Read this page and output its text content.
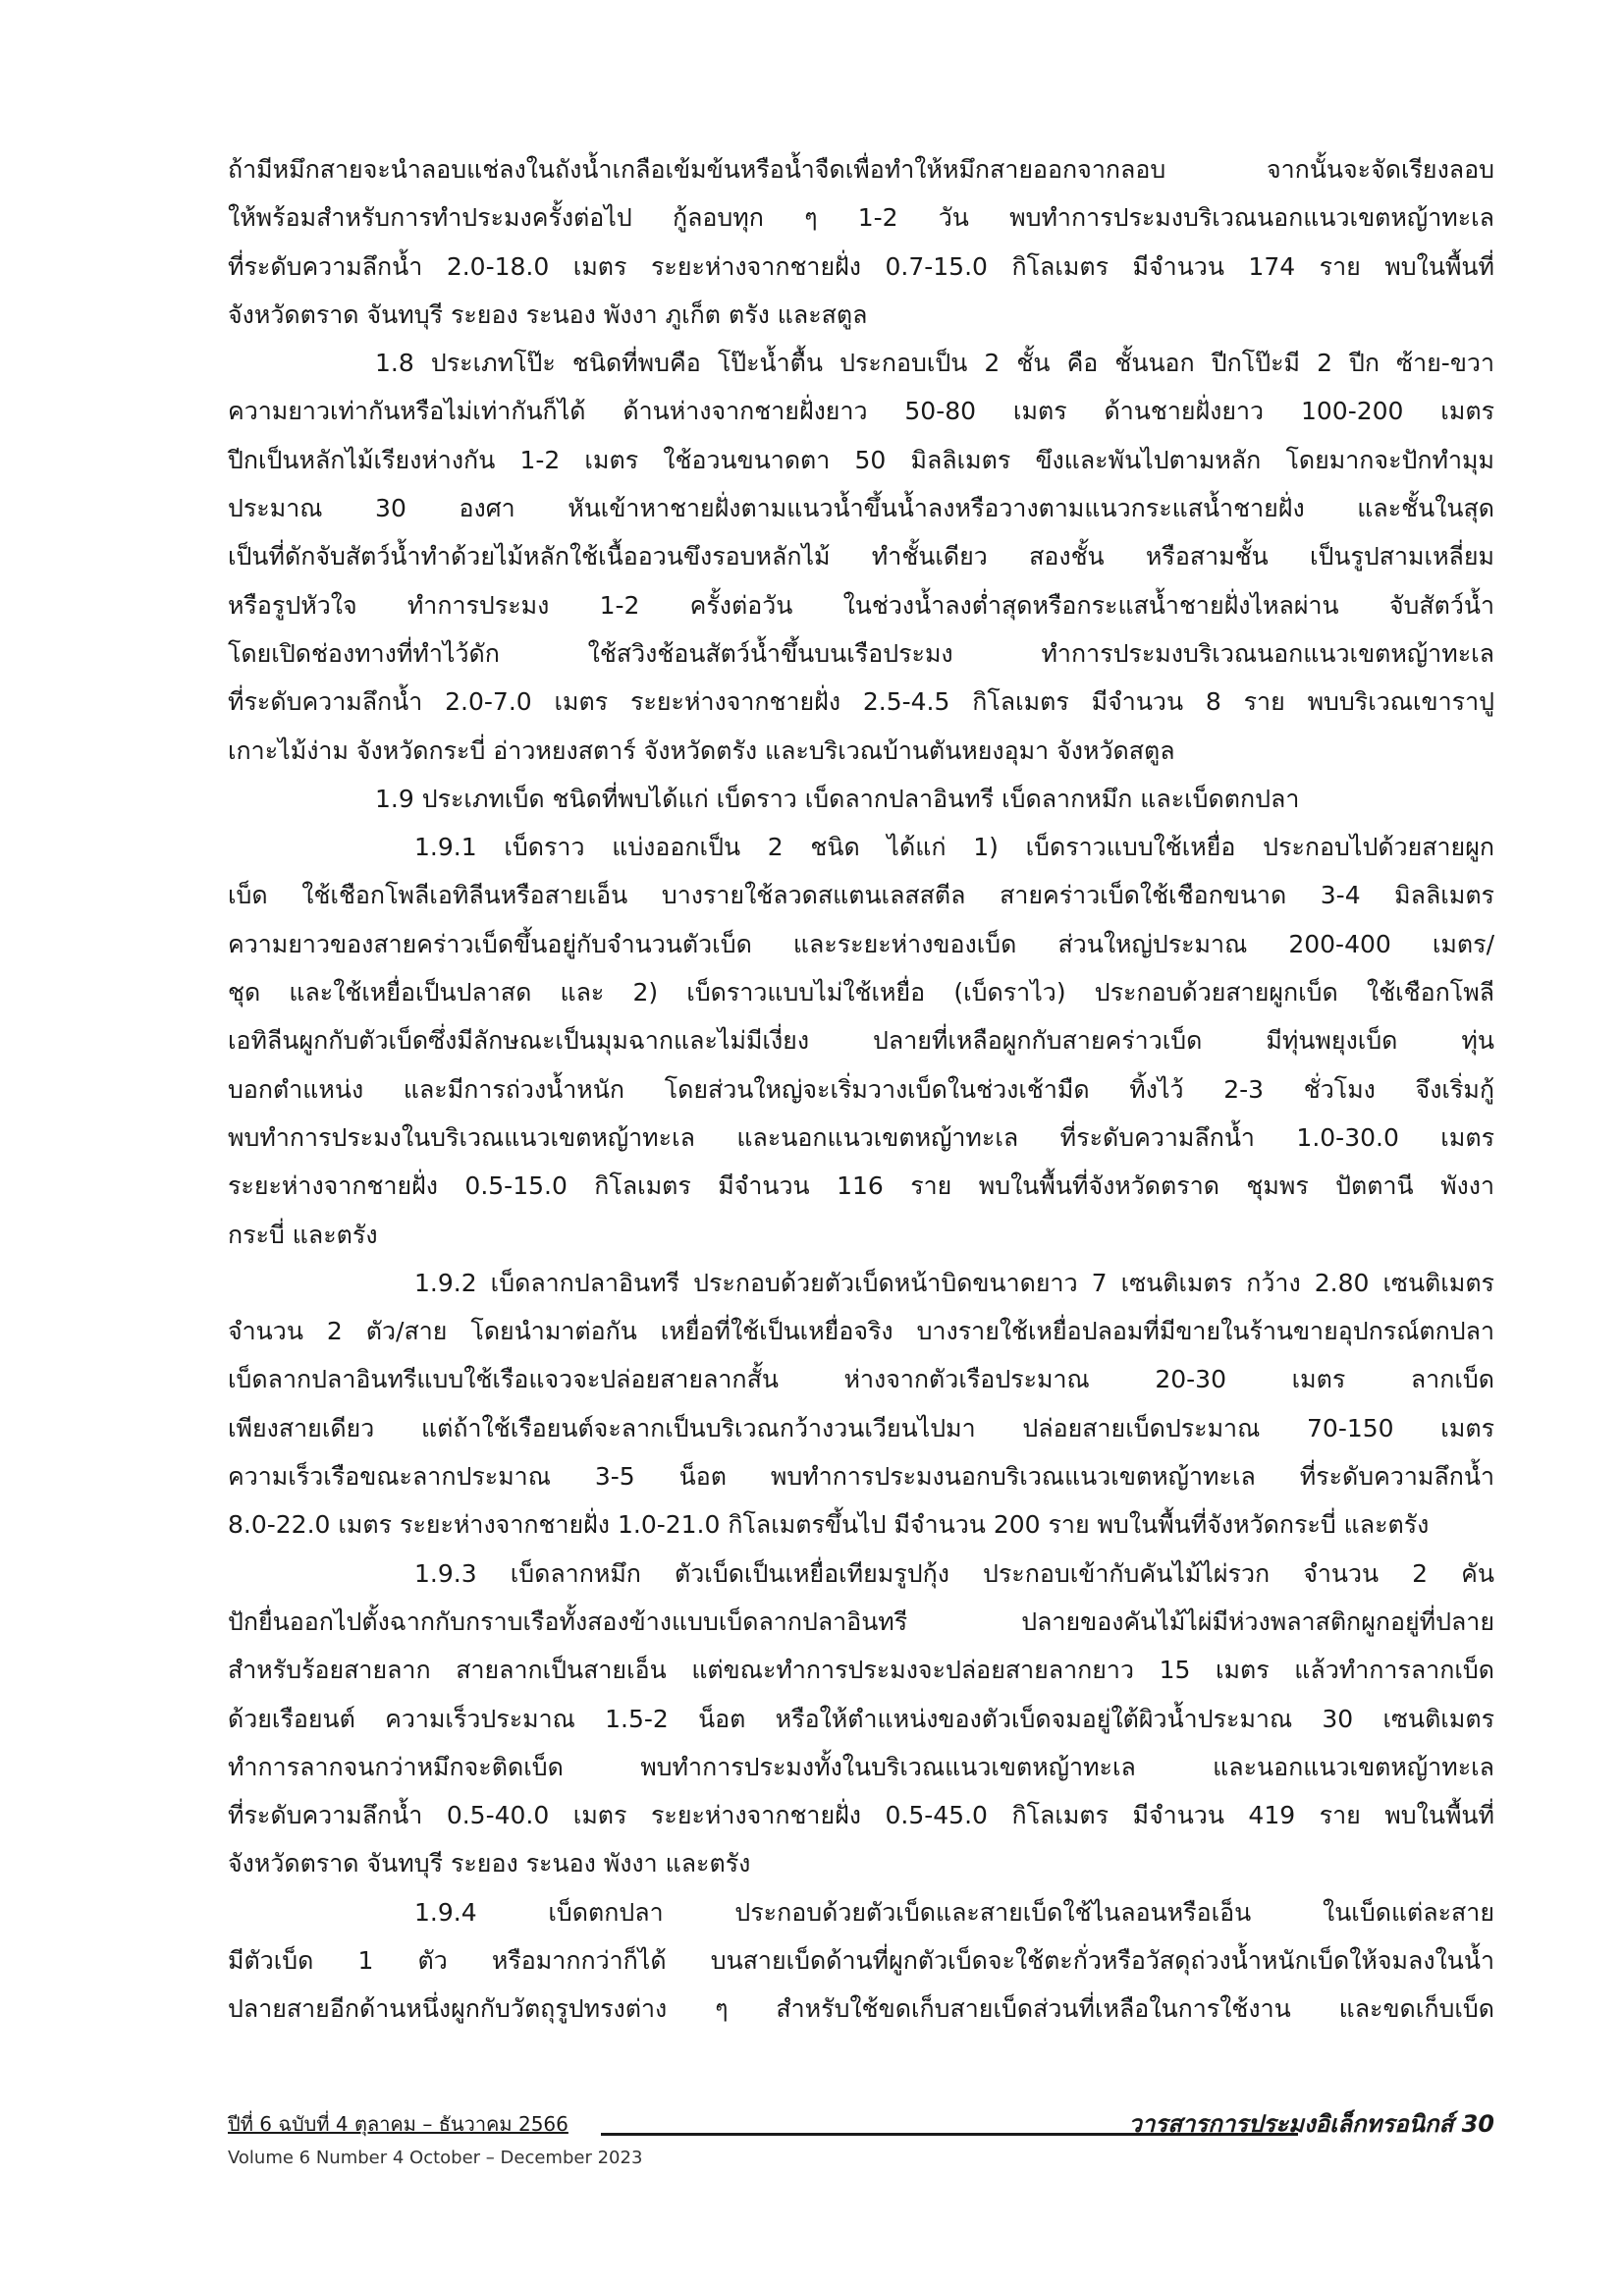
ถ้ามีหมึกสายจะนำลอบแช่ลงในถังน้ำเกลือเข้มข้นหรือน้ำจืดเพื่อทำให้หมึกสายออกจากลอบ จากนั้นจะจัดเรียงลอบ
ให้พร้อมสำหรับการทำประมงครั้งต่อไป กู้ลอบทุก ๆ 1-2 วัน พบทำการประมงบริเวณนอกแนวเขตหญ้าทะเล
ที่ระดับความลึกน้ำ 2.0-18.0 เมตร ระยะห่างจากชายฝั่ง 0.7-15.0 กิโลเมตร มีจำนวน 174 ราย พบในพื้นที่
จังหวัดตราด จันทบุรี ระยอง ระนอง พังงา ภูเก็ต ตรัง และสตูล
1.8 ประเภทโป๊ะ ชนิดที่พบคือ โป๊ะน้ำตื้น ประกอบเป็น 2 ชั้น คือ ชั้นนอก ปีกโป๊ะมี 2 ปีก ซ้าย-ขวา
ความยาวเท่ากันหรือไม่เท่ากันก็ได้ ด้านห่างจากชายฝั่งยาว 50-80 เมตร ด้านชายฝั่งยาว 100-200 เมตร
ปีกเป็นหลักไม้เรียงห่างกัน 1-2 เมตร ใช้อวนขนาดตา 50 มิลลิเมตร ขึงและพันไปตามหลัก โดยมากจะปักทำมุม
ประมาณ 30 องศา หันเข้าหาชายฝั่งตามแนวน้ำขึ้นน้ำลงหรือวางตามแนวกระแสน้ำชายฝั่ง และชั้นในสุด
เป็นที่ดักจับสัตว์น้ำทำด้วยไม้หลักใช้เนื้ออวนขึงรอบหลักไม้ ทำชั้นเดียว สองชั้น หรือสามชั้น เป็นรูปสามเหลี่ยม
หรือรูปหัวใจ ทำการประมง 1-2 ครั้งต่อวัน ในช่วงน้ำลงต่ำสุดหรือกระแสน้ำชายฝั่งไหลผ่าน จับสัตว์น้ำ
โดยเปิดช่องทางที่ทำไว้ดัก ใช้สวิงช้อนสัตว์น้ำขึ้นบนเรือประมง ทำการประมงบริเวณนอกแนวเขตหญ้าทะเล
ที่ระดับความลึกน้ำ 2.0-7.0 เมตร ระยะห่างจากชายฝั่ง 2.5-4.5 กิโลเมตร มีจำนวน 8 ราย พบบริเวณเขาราปู
เกาะไม้ง่าม จังหวัดกระบี่ อ่าวหยงสตาร์ จังหวัดตรัง และบริเวณบ้านตันหยงอุมา จังหวัดสตูล
1.9 ประเภทเบ็ด ชนิดที่พบได้แก่ เบ็ดราว เบ็ดลากปลาอินทรี เบ็ดลากหมึก และเบ็ดตกปลา
1.9.1 เบ็ดราว แบ่งออกเป็น 2 ชนิด ได้แก่ 1) เบ็ดราวแบบใช้เหยื่อ ประกอบไปด้วยสายผูก
เบ็ด ใช้เชือกโพลีเอทิลีนหรือสายเอ็น บางรายใช้ลวดสแตนเลสสตีล สายคร่าวเบ็ดใช้เชือกขนาด 3-4 มิลลิเมตร
ความยาวของสายคร่าวเบ็ดขึ้นอยู่กับจำนวนตัวเบ็ด และระยะห่างของเบ็ด ส่วนใหญ่ประมาณ 200-400 เมตร/
ชุด และใช้เหยื่อเป็นปลาสด และ 2) เบ็ดราวแบบไม่ใช้เหยื่อ (เบ็ดราไว) ประกอบด้วยสายผูกเบ็ด ใช้เชือกโพลี
เอทิลีนผูกกับตัวเบ็ดซึ่งมีลักษณะเป็นมุมฉากและไม่มีเงี่ยง ปลายที่เหลือผูกกับสายคร่าวเบ็ด มีทุ่นพยุงเบ็ด ทุ่น
บอกตำแหน่ง และมีการถ่วงน้ำหนัก โดยส่วนใหญ่จะเริ่มวางเบ็ดในช่วงเช้ามืด ทิ้งไว้ 2-3 ชั่วโมง จึงเริ่มกู้
พบทำการประมงในบริเวณแนวเขตหญ้าทะเล และนอกแนวเขตหญ้าทะเล ที่ระดับความลึกน้ำ 1.0-30.0 เมตร
ระยะห่างจากชายฝั่ง 0.5-15.0 กิโลเมตร มีจำนวน 116 ราย พบในพื้นที่จังหวัดตราด ชุมพร ปัตตานี พังงา
กระบี่ และตรัง
1.9.2 เบ็ดลากปลาอินทรี ประกอบด้วยตัวเบ็ดหน้าบิดขนาดยาว 7 เซนติเมตร กว้าง 2.80 เซนติเมตร
จำนวน 2 ตัว/สาย โดยนำมาต่อกัน เหยื่อที่ใช้เป็นเหยื่อจริง บางรายใช้เหยื่อปลอมที่มีขายในร้านขายอุปกรณ์ตกปลา
เบ็ดลากปลาอินทรีแบบใช้เรือแจวจะปล่อยสายลากสั้น ห่างจากตัวเรือประมาณ 20-30 เมตร ลากเบ็ด
เพียงสายเดียว แต่ถ้าใช้เรือยนต์จะลากเป็นบริเวณกว้างวนเวียนไปมา ปล่อยสายเบ็ดประมาณ 70-150 เมตร
ความเร็วเรือขณะลากประมาณ 3-5 น็อต พบทำการประมงนอกบริเวณแนวเขตหญ้าทะเล ที่ระดับความลึกน้ำ
8.0-22.0 เมตร ระยะห่างจากชายฝั่ง 1.0-21.0 กิโลเมตรขึ้นไป มีจำนวน 200 ราย พบในพื้นที่จังหวัดกระบี่ และตรัง
1.9.3 เบ็ดลากหมึก ตัวเบ็ดเป็นเหยื่อเทียมรูปกุ้ง ประกอบเข้ากับคันไม้ไผ่รวก จำนวน 2 คัน
ปักยื่นออกไปตั้งฉากกับกราบเรือทั้งสองข้างแบบเบ็ดลากปลาอินทรี ปลายของคันไม้ไผ่มีห่วงพลาสติกผูกอยู่ที่ปลาย
สำหรับร้อยสายลาก สายลากเป็นสายเอ็น แต่ขณะทำการประมงจะปล่อยสายลากยาว 15 เมตร แล้วทำการลากเบ็ด
ด้วยเรือยนต์ ความเร็วประมาณ 1.5-2 น็อต หรือให้ตำแหน่งของตัวเบ็ดจมอยู่ใต้ผิวน้ำประมาณ 30 เซนติเมตร
ทำการลากจนกว่าหมึกจะติดเบ็ด พบทำการประมงทั้งในบริเวณแนวเขตหญ้าทะเล และนอกแนวเขตหญ้าทะเล
ที่ระดับความลึกน้ำ 0.5-40.0 เมตร ระยะห่างจากชายฝั่ง 0.5-45.0 กิโลเมตร มีจำนวน 419 ราย พบในพื้นที่
จังหวัดตราด จันทบุรี ระยอง ระนอง พังงา และตรัง
1.9.4 เบ็ดตกปลา ประกอบด้วยตัวเบ็ดและสายเบ็ดใช้ไนลอนหรือเอ็น ในเบ็ดแต่ละสาย
มีตัวเบ็ด 1 ตัว หรือมากกว่าก็ได้ บนสายเบ็ดด้านที่ผูกตัวเบ็ดจะใช้ตะกั่วหรือวัสดุถ่วงน้ำหนักเบ็ดให้จมลงในน้ำ
ปลายสายอีกด้านหนึ่งผูกกับวัตถุรูปทรงต่าง ๆ สำหรับใช้ขดเก็บสายเบ็ดส่วนที่เหลือในการใช้งาน และขดเก็บเบ็ด
ปีที่ 6 ฉบับที่ 4 ตุลาคม – ธันวาคม 2566	วารสารการประมงอิเล็กทรอนิกส์ 30
Volume 6 Number 4 October – December 2023
